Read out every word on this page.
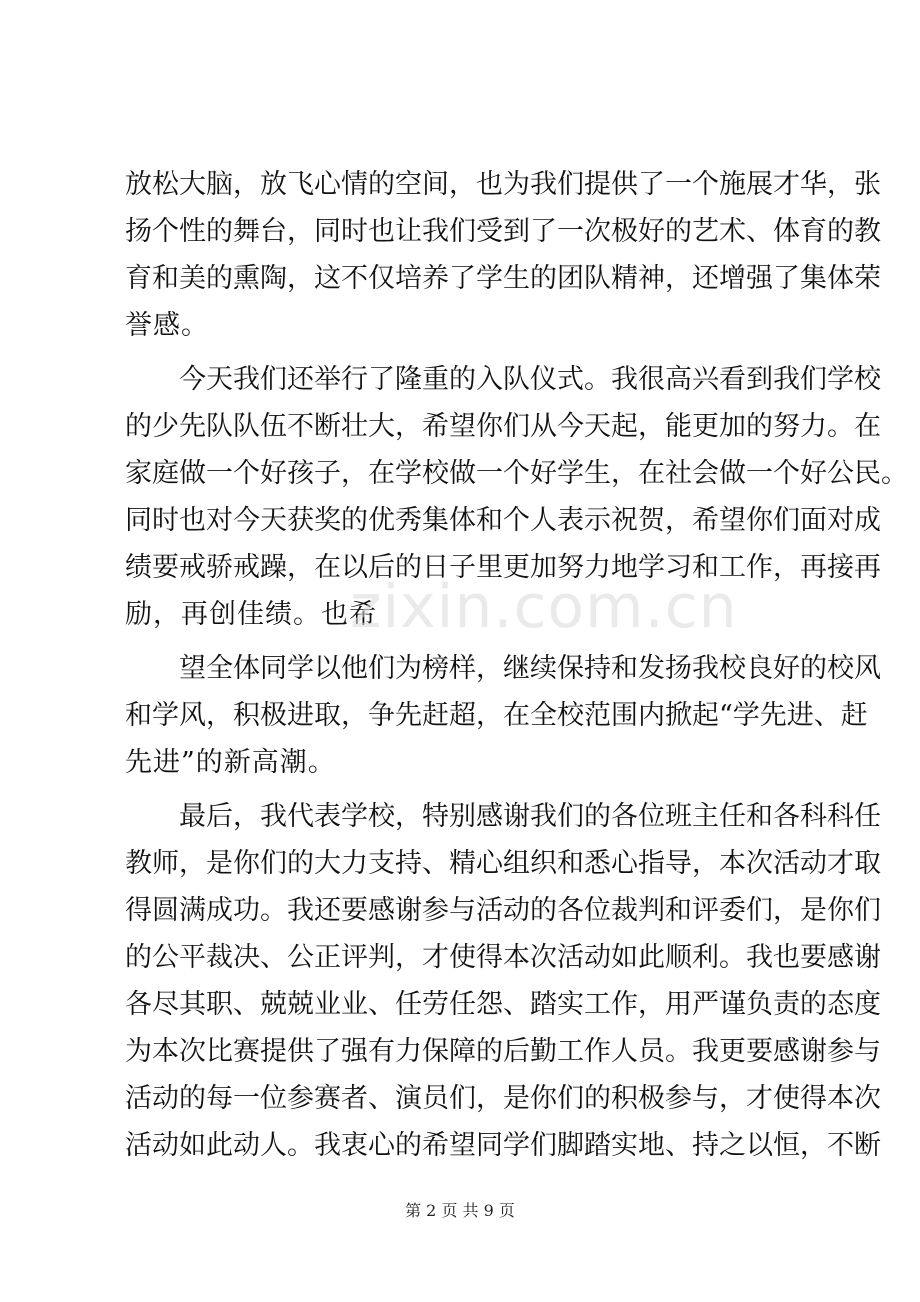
放松大脑，放飞心情的空间，也为我们提供了一个施展才华，张
扬个性的舞台，同时也让我们受到了一次极好的艺术、体育的教
育和美的熏陶，这不仅培养了学生的团队精神，还增强了集体荣
誉感。
　　今天我们还举行了隆重的入队仪式。我很高兴看到我们学校
的少先队队伍不断壮大，希望你们从今天起，能更加的努力。在
家庭做一个好孩子，在学校做一个好学生，在社会做一个好公民。
同时也对今天获奖的优秀集体和个人表示祝贺，希望你们面对成
绩要戒骄戒躁，在以后的日子里更加努力地学习和工作，再接再
励，再创佳绩。也希
　　望全体同学以他们为榜样，继续保持和发扬我校良好的校风
和学风，积极进取，争先赶超，在全校范围内掀起“学先进、赶
先进”的新高潮。
　　最后，我代表学校，特别感谢我们的各位班主任和各科科任
教师，是你们的大力支持、精心组织和悉心指导，本次活动才取
得圆满成功。我还要感谢参与活动的各位裁判和评委们，是你们
的公平裁决、公正评判，才使得本次活动如此顺利。我也要感谢
各尽其职、兢兢业业、任劳任怨、踏实工作，用严谨负责的态度
为本次比赛提供了强有力保障的后勤工作人员。我更要感谢参与
活动的每一位参赛者、演员们，是你们的积极参与，才使得本次
活动如此动人。我衷心的希望同学们脚踏实地、持之以恒，不断
zixin.com.cn
第 2 页 共 9 页
